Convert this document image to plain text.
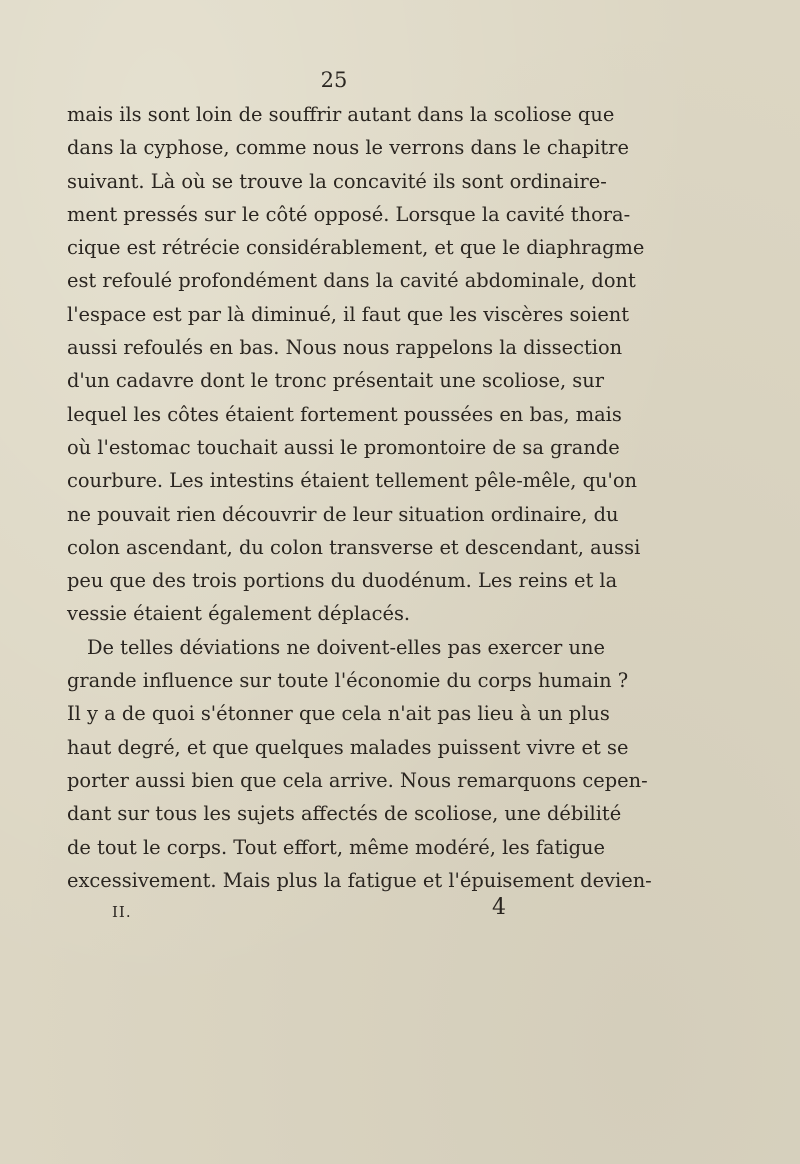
25
mais ils sont loin de souffrir autant dans la scoliose que
dans la cyphose, comme nous le verrons dans le chapitre
suivant. Là où se trouve la concavité ils sont ordinaire-
ment pressés sur le côté opposé. Lorsque la cavité thora-
cique est rétrécie considérablement, et que le diaphragme
est refoulé profondément dans la cavité abdominale, dont
l'espace est par là diminué, il faut que les viscères soient
aussi refoulés en bas. Nous nous rappelons la dissection
d'un cadavre dont le tronc présentait une scoliose, sur
lequel les côtes étaient fortement poussées en bas, mais
où l'estomac touchait aussi le promontoire de sa grande
courbure. Les intestins étaient tellement pêle-mêle, qu'on
ne pouvait rien découvrir de leur situation ordinaire, du
colon ascendant, du colon transverse et descendant, aussi
peu que des trois portions du duodénum. Les reins et la
vessie étaient également déplacés.
De telles déviations ne doivent-elles pas exercer une
grande influence sur toute l'économie du corps humain ?
Il y a de quoi s'étonner que cela n'ait pas lieu à un plus
haut degré, et que quelques malades puissent vivre et se
porter aussi bien que cela arrive. Nous remarquons cepen-
dant sur tous les sujets affectés de scoliose, une débilité
de tout le corps. Tout effort, même modéré, les fatigue
excessivement. Mais plus la fatigue et l'épuisement devien-
II.	4
